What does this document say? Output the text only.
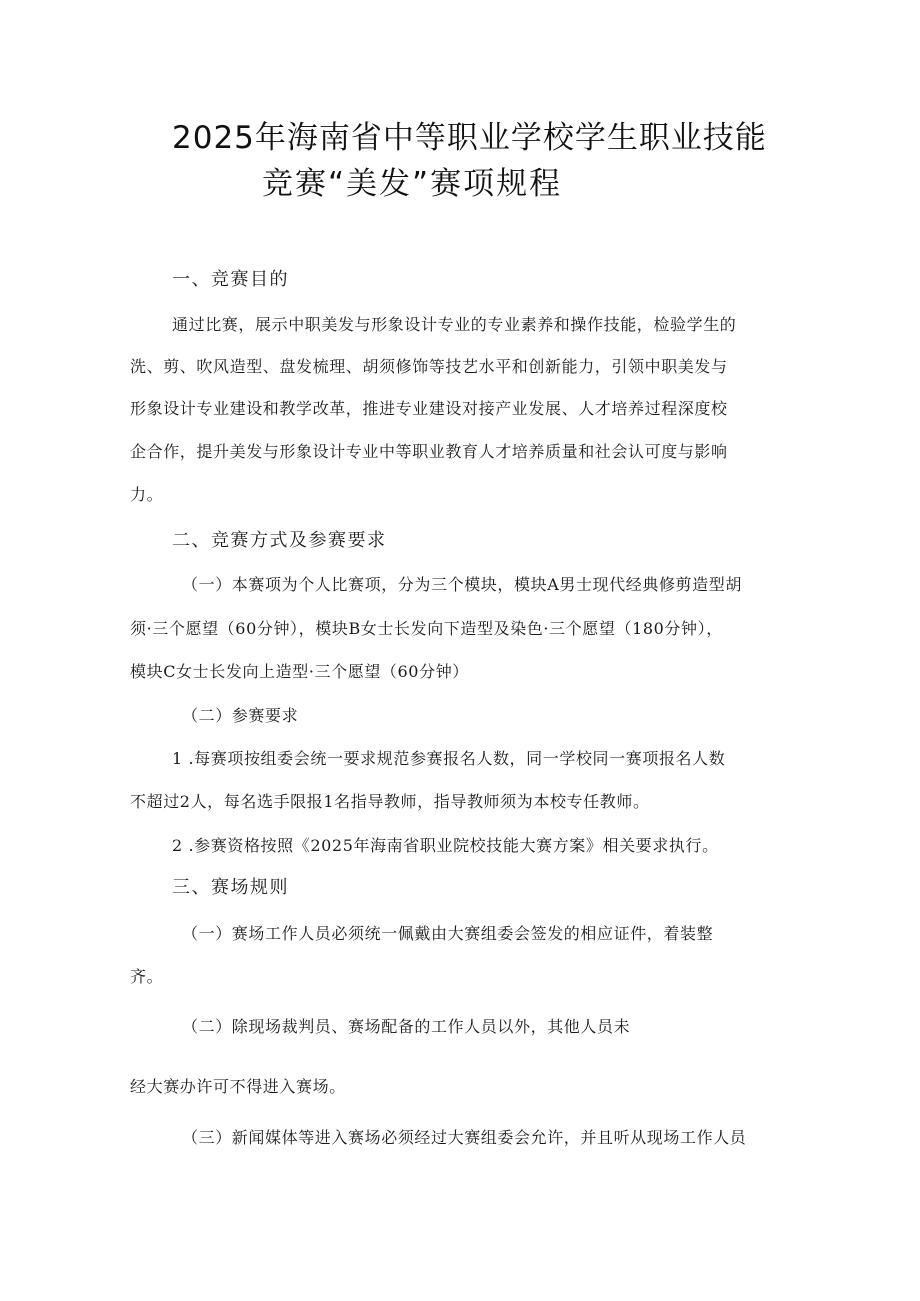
2025年海南省中等职业学校学生职业技能
竞赛“美发”赛项规程
一、竞赛目的
通过比赛，展示中职美发与形象设计专业的专业素养和操作技能，检验学生的
洗、剪、吹风造型、盘发梳理、胡须修饰等技艺水平和创新能力，引领中职美发与
形象设计专业建设和教学改革，推进专业建设对接产业发展、人才培养过程深度校
企合作，提升美发与形象设计专业中等职业教育人才培养质量和社会认可度与影响
力。
二、竞赛方式及参赛要求
（一）本赛项为个人比赛项，分为三个模块，模块A男士现代经典修剪造型胡
须·三个愿望（60分钟），模块B女士长发向下造型及染色·三个愿望（180分钟），
模块C女士长发向上造型·三个愿望（60分钟）
（二）参赛要求
1 .每赛项按组委会统一要求规范参赛报名人数，同一学校同一赛项报名人数
不超过2人，每名选手限报1名指导教师，指导教师须为本校专任教师。
2 .参赛资格按照《2025年海南省职业院校技能大赛方案》相关要求执行。
三、赛场规则
（一）赛场工作人员必须统一佩戴由大赛组委会签发的相应证件，着装整
齐。
（二）除现场裁判员、赛场配备的工作人员以外，其他人员未
经大赛办许可不得进入赛场。
（三）新闻媒体等进入赛场必须经过大赛组委会允许，并且听从现场工作人员
